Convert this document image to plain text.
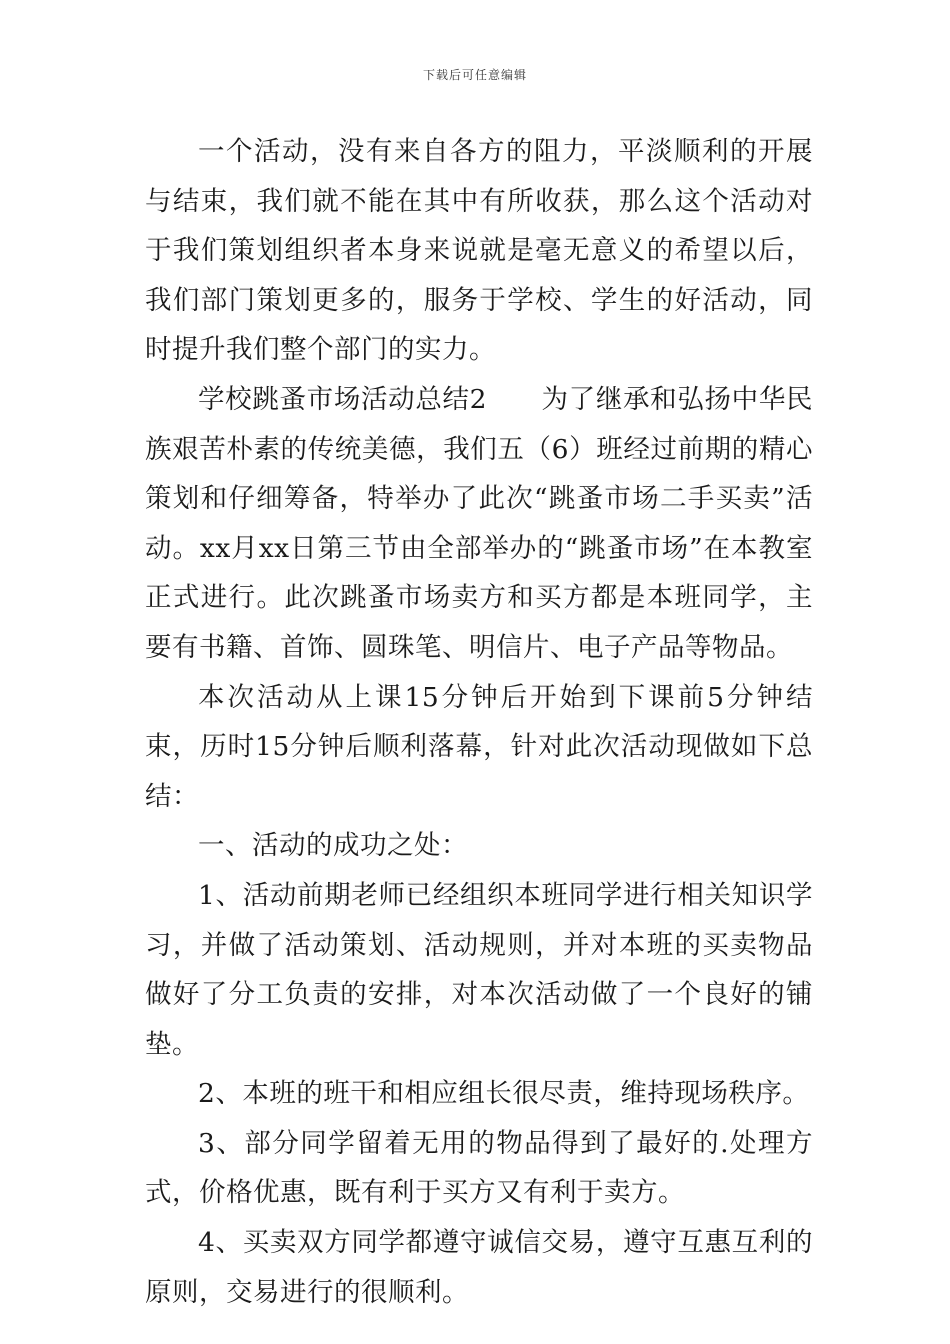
下载后可任意编辑

一个活动，没有来自各方的阻力，平淡顺利的开展与结束，我们就不能在其中有所收获，那么这个活动对于我们策划组织者本身来说就是毫无意义的希望以后，我们部门策划更多的，服务于学校、学生的好活动，同时提升我们整个部门的实力。

学校跳蚤市场活动总结2　　为了继承和弘扬中华民族艰苦朴素的传统美德，我们五（6）班经过前期的精心策划和仔细筹备，特举办了此次“跳蚤市场二手买卖”活动。xx月xx日第三节由全部举办的“跳蚤市场”在本教室正式进行。此次跳蚤市场卖方和买方都是本班同学，主要有书籍、首饰、圆珠笔、明信片、电子产品等物品。

本次活动从上课15分钟后开始到下课前5分钟结束，历时15分钟后顺利落幕，针对此次活动现做如下总结：

一、活动的成功之处：

1、活动前期老师已经组织本班同学进行相关知识学习，并做了活动策划、活动规则，并对本班的买卖物品做好了分工负责的安排，对本次活动做了一个良好的铺垫。

2、本班的班干和相应组长很尽责，维持现场秩序。

3、部分同学留着无用的物品得到了最好的.处理方式，价格优惠，既有利于买方又有利于卖方。

4、买卖双方同学都遵守诚信交易，遵守互惠互利的原则，交易进行的很顺利。
